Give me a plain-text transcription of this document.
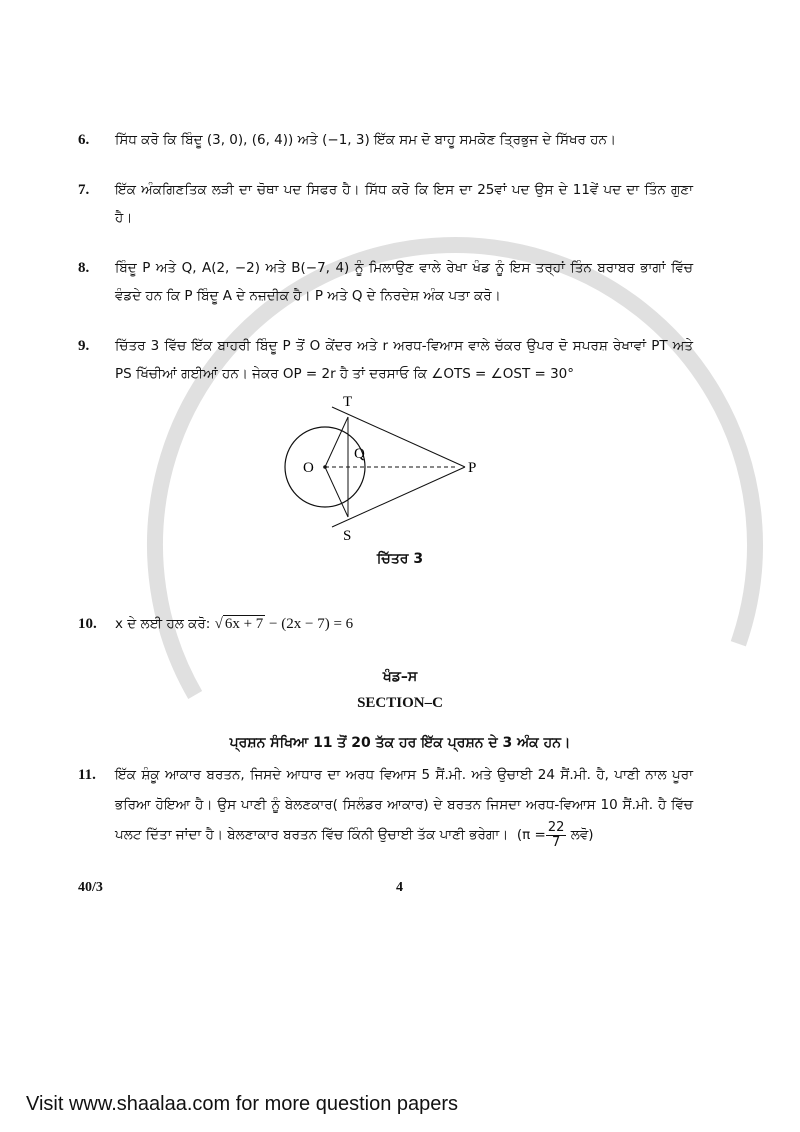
6. ਸਿੱਧ ਕਰੋ ਕਿ ਬਿੰਦੂ (3, 0), (6, 4)) ਅਤੇ (−1, 3) ਇੱਕ ਸਮ ਦੋ ਬਾਹੂ ਸਮਕੋਣ ਤ੍ਰਿਭੁਜ ਦੇ ਸਿੱਖਰ ਹਨ।
7. ਇੱਕ ਅੰਕਗਿਣਤਿਕ ਲੜੀ ਦਾ ਚੋਥਾ ਪਦ ਸਿਫਰ ਹੈ। ਸਿੱਧ ਕਰੋ ਕਿ ਇਸ ਦਾ 25ਵਾਂ ਪਦ ਉਸ ਦੇ 11ਵੇਂ ਪਦ ਦਾ ਤਿੰਨ ਗੁਣਾ ਹੈ।
8. ਬਿੰਦੂ P ਅਤੇ Q, A(2, −2) ਅਤੇ B(−7, 4) ਨੂੰ ਮਿਲਾਉਣ ਵਾਲੇ ਰੇਖਾ ਖੰਡ ਨੂੰ ਇਸ ਤਰ੍ਹਾਂ ਤਿੰਨ ਬਰਾਬਰ ਭਾਗਾਂ ਵਿੱਚ ਵੰਡਦੇ ਹਨ ਕਿ P ਬਿੰਦੂ A ਦੇ ਨਜ਼ਦੀਕ ਹੈ। P ਅਤੇ Q ਦੇ ਨਿਰਦੇਸ਼ ਅੰਕ ਪਤਾ ਕਰੋ।
9. ਚਿੱਤਰ 3 ਵਿੱਚ ਇੱਕ ਬਾਹਰੀ ਬਿੰਦੂ P ਤੋਂ O ਕੇਂਦਰ ਅਤੇ r ਅਰਧ-ਵਿਆਸ ਵਾਲੇ ਚੱਕਰ ਉਪਰ ਦੋ ਸਪਰਸ਼ ਰੇਖਾਵਾਂ PT ਅਤੇ PS ਖਿੱਚੀਆਂ ਗਈਆਂ ਹਨ। ਜੇਕਰ OP = 2r ਹੈ ਤਾਂ ਦਰਸਾਓ ਕਿ ∠OTS = ∠OST = 30°
T
S
O	P
Q
ਚਿੱਤਰ 3
10. x ਦੇ ਲਈ ਹਲ ਕਰੋ: √ 6x + 7 − (2x − 7) = 6
ਖੰਡ–ਸ
SECTION–C
ਪ੍ਰਸ਼ਨ ਸੰਖਿਆ 11 ਤੋਂ 20 ਤੱਕ ਹਰ ਇੱਕ ਪ੍ਰਸ਼ਨ ਦੇ 3 ਅੰਕ ਹਨ।
11. ਇੱਕ ਸ਼ੰਕੂ ਆਕਾਰ ਬਰਤਨ, ਜਿਸਦੇ ਆਧਾਰ ਦਾ ਅਰਧ ਵਿਆਸ 5 ਸੈਂ.ਮੀ. ਅਤੇ ਉਚਾਈ 24 ਸੈਂ.ਮੀ. ਹੈ, ਪਾਣੀ ਨਾਲ ਪੂਰਾ ਭਰਿਆ ਹੋਇਆ ਹੈ। ਉਸ ਪਾਣੀ ਨੂੰ ਬੇਲਣਕਾਰ( ਸਿਲੰਡਰ ਆਕਾਰ) ਦੇ ਬਰਤਨ ਜਿਸਦਾ ਅਰਧ-ਵਿਆਸ 10 ਸੈਂ.ਮੀ. ਹੈ ਵਿੱਚ ਪਲਟ ਦਿੱਤਾ ਜਾਂਦਾ ਹੈ। ਬੇਲਣਾਕਾਰ ਬਰਤਨ ਵਿੱਚ ਕਿੰਨੀ ਉਚਾਈ ਤੱਕ ਪਾਣੀ ਭਰੇਗਾ। ($\pi = \frac{22}{7}$ ਲਵੋ)
40/3	4
Visit www.shaalaa.com for more question papers
